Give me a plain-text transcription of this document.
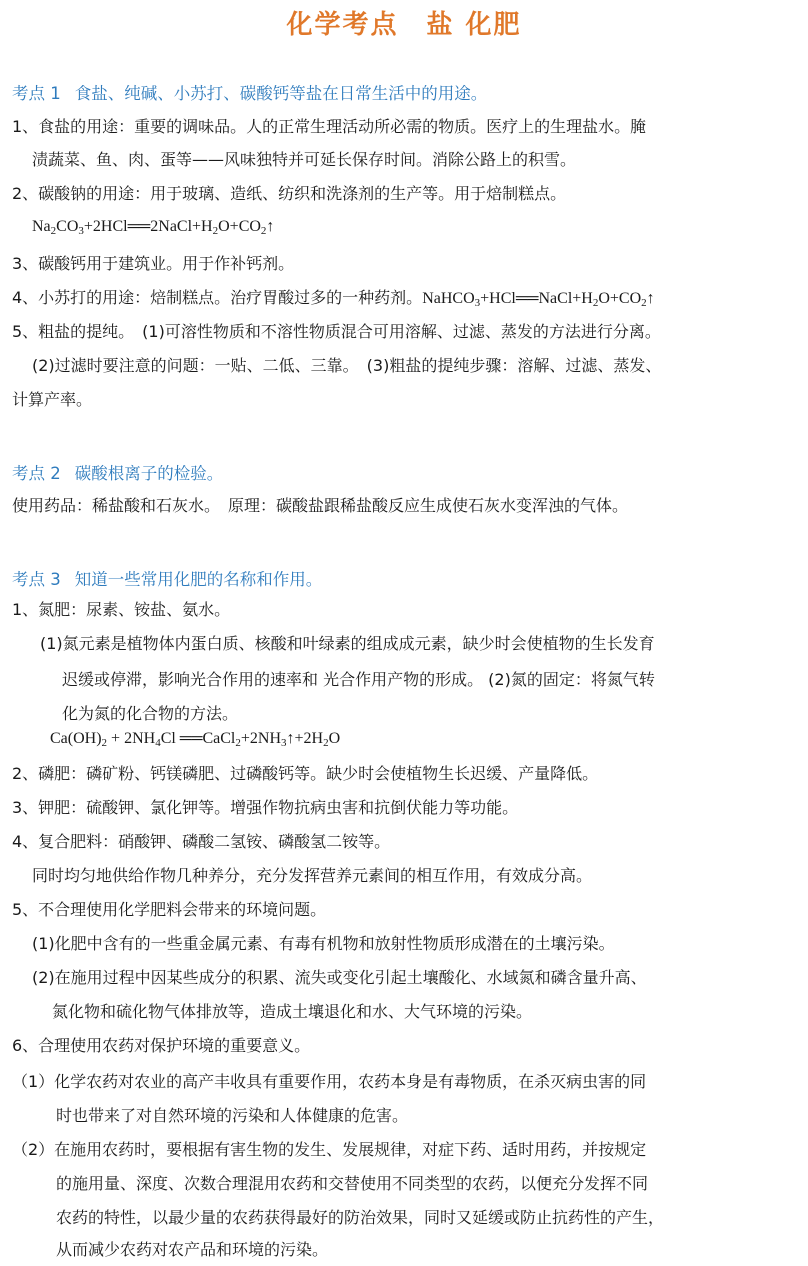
化学考点 盐 化肥
考点 1 食盐、纯碱、小苏打、碳酸钙等盐在日常生活中的用途。
1、食盐的用途：重要的调味品。人的正常生理活动所必需的物质。医疗上的生理盐水。腌
渍蔬菜、鱼、肉、蛋等——风味独特并可延长保存时间。消除公路上的积雪。
2、碳酸钠的用途：用于玻璃、造纸、纺织和洗涤剂的生产等。用于焙制糕点。
$Na_2CO_3+2HCl══2NaCl+H_2O+CO_2↑$
3、碳酸钙用于建筑业。用于作补钙剂。
4、小苏打的用途：焙制糕点。治疗胃酸过多的一种药剂。$NaHCO_3+HCl══NaCl+H_2O+CO_2↑$
5、粗盐的提纯。　(1)可溶性物质和不溶性物质混合可用溶解、过滤、蒸发的方法进行分离。
(2)过滤时要注意的问题：一贴、二低、三靠。　(3)粗盐的提纯步骤：溶解、过滤、蒸发、
计算产率。
考点 2 碳酸根离子的检验。
使用药品：稀盐酸和石灰水。　原理：碳酸盐跟稀盐酸反应生成使石灰水变浑浊的气体。
考点 3 知道一些常用化肥的名称和作用。
1、氮肥：尿素、铵盐、氨水。
(1)氮元素是植物体内蛋白质、核酸和叶绿素的组成成元素，缺少时会使植物的生长发育
迟缓或停滞，影响光合作用的速率和 光合作用产物的形成。 (2)氮的固定：将氮气转
化为氮的化合物的方法。
$Ca(OH)_2 + 2NH_4Cl$ $══CaCl_2+2NH_3↑+2H_2O$
2、磷肥：磷矿粉、钙镁磷肥、过磷酸钙等。缺少时会使植物生长迟缓、产量降低。
3、钾肥：硫酸钾、氯化钾等。增强作物抗病虫害和抗倒伏能力等功能。
4、复合肥料：硝酸钾、磷酸二氢铵、磷酸氢二铵等。
同时均匀地供给作物几种养分，充分发挥营养元素间的相互作用，有效成分高。
5、不合理使用化学肥料会带来的环境问题。
(1)化肥中含有的一些重金属元素、有毒有机物和放射性物质形成潜在的土壤污染。
(2)在施用过程中因某些成分的积累、流失或变化引起土壤酸化、水域氮和磷含量升高、
氮化物和硫化物气体排放等，造成土壤退化和水、大气环境的污染。
6、合理使用农药对保护环境的重要意义。
（1）化学农药对农业的高产丰收具有重要作用，农药本身是有毒物质，在杀灭病虫害的同
时也带来了对自然环境的污染和人体健康的危害。
（2）在施用农药时，要根据有害生物的发生、发展规律，对症下药、适时用药，并按规定
的施用量、深度、次数合理混用农药和交替使用不同类型的农药，以便充分发挥不同
农药的特性，以最少量的农药获得最好的防治效果，同时又延缓或防止抗药性的产生，
从而减少农药对农产品和环境的污染。
